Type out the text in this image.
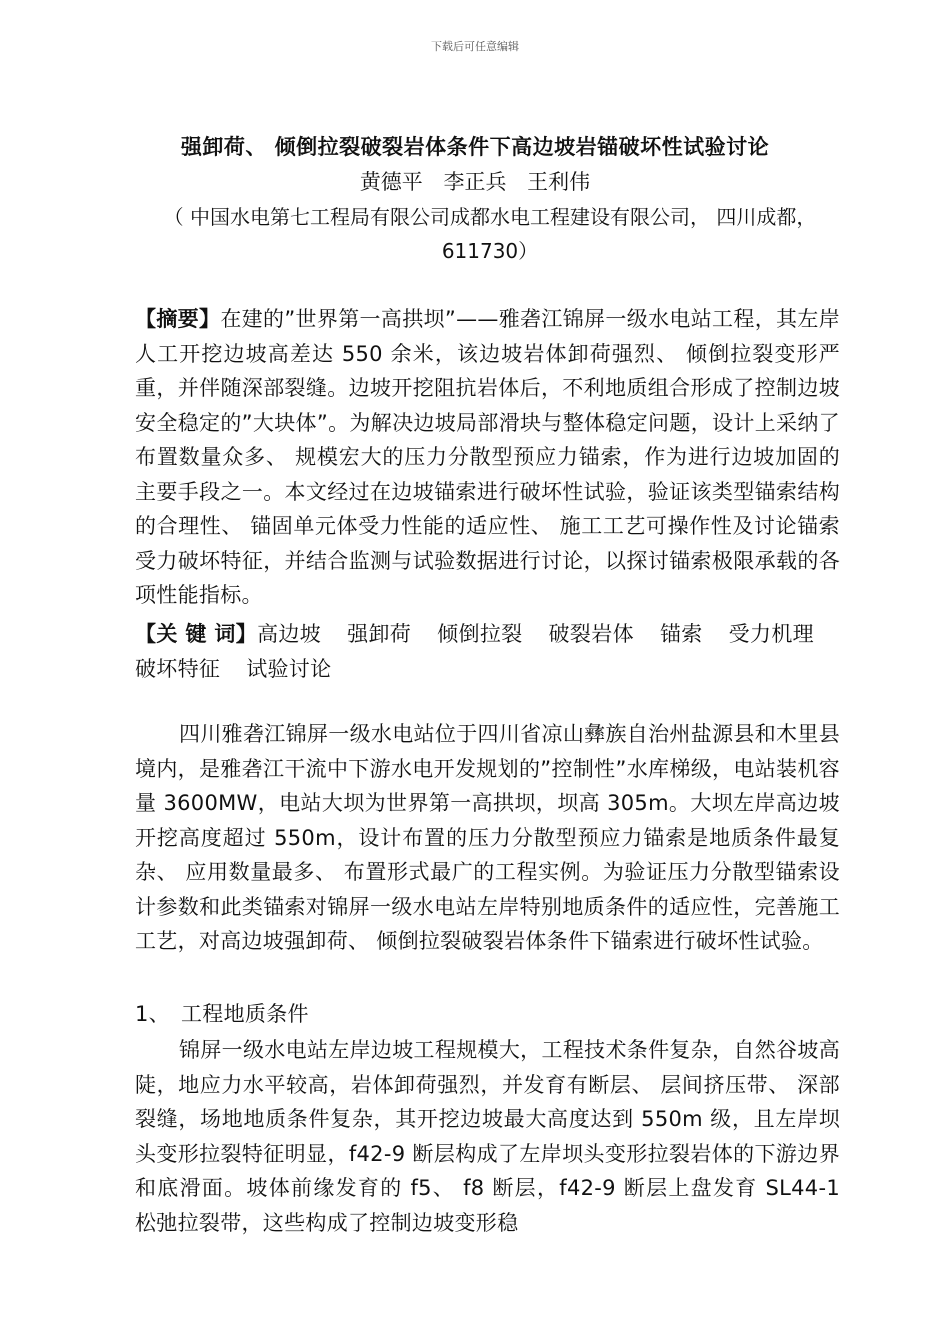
下载后可任意编辑
强卸荷、 倾倒拉裂破裂岩体条件下高边坡岩锚破坏性试验讨论
黄德平 李正兵 王利伟
（ 中国水电第七工程局有限公司成都水电工程建设有限公司， 四川成都， 611730）
【摘要】在建的”世界第一高拱坝”——雅砻江锦屏一级水电站工程，其左岸人工开挖边坡高差达 550 余米，该边坡岩体卸荷强烈、 倾倒拉裂变形严重，并伴随深部裂缝。边坡开挖阻抗岩体后，不利地质组合形成了控制边坡安全稳定的”大块体”。为解决边坡局部滑块与整体稳定问题，设计上采纳了布置数量众多、 规模宏大的压力分散型预应力锚索，作为进行边坡加固的主要手段之一。本文经过在边坡锚索进行破坏性试验，验证该类型锚索结构的合理性、 锚固单元体受力性能的适应性、 施工工艺可操作性及讨论锚索受力破坏特征，并结合监测与试验数据进行讨论，以探讨锚索极限承载的各项性能指标。
【关 键 词】高边坡 强卸荷 倾倒拉裂 破裂岩体 锚索 受力机理破坏特征 试验讨论
四川雅砻江锦屏一级水电站位于四川省凉山彝族自治州盐源县和木里县境内，是雅砻江干流中下游水电开发规划的”控制性”水库梯级，电站装机容量 3600MW，电站大坝为世界第一高拱坝，坝高 305m。大坝左岸高边坡开挖高度超过 550m，设计布置的压力分散型预应力锚索是地质条件最复杂、 应用数量最多、 布置形式最广的工程实例。为验证压力分散型锚索设计参数和此类锚索对锦屏一级水电站左岸特别地质条件的适应性，完善施工工艺，对高边坡强卸荷、 倾倒拉裂破裂岩体条件下锚索进行破坏性试验。
1、 工程地质条件
锦屏一级水电站左岸边坡工程规模大，工程技术条件复杂，自然谷坡高陡，地应力水平较高，岩体卸荷强烈，并发育有断层、 层间挤压带、 深部裂缝，场地地质条件复杂，其开挖边坡最大高度达到 550m 级，且左岸坝头变形拉裂特征明显，f42-9 断层构成了左岸坝头变形拉裂岩体的下游边界和底滑面。坡体前缘发育的 f5、 f8 断层，f42-9 断层上盘发育 SL44-1 松弛拉裂带，这些构成了控制边坡变形稳
